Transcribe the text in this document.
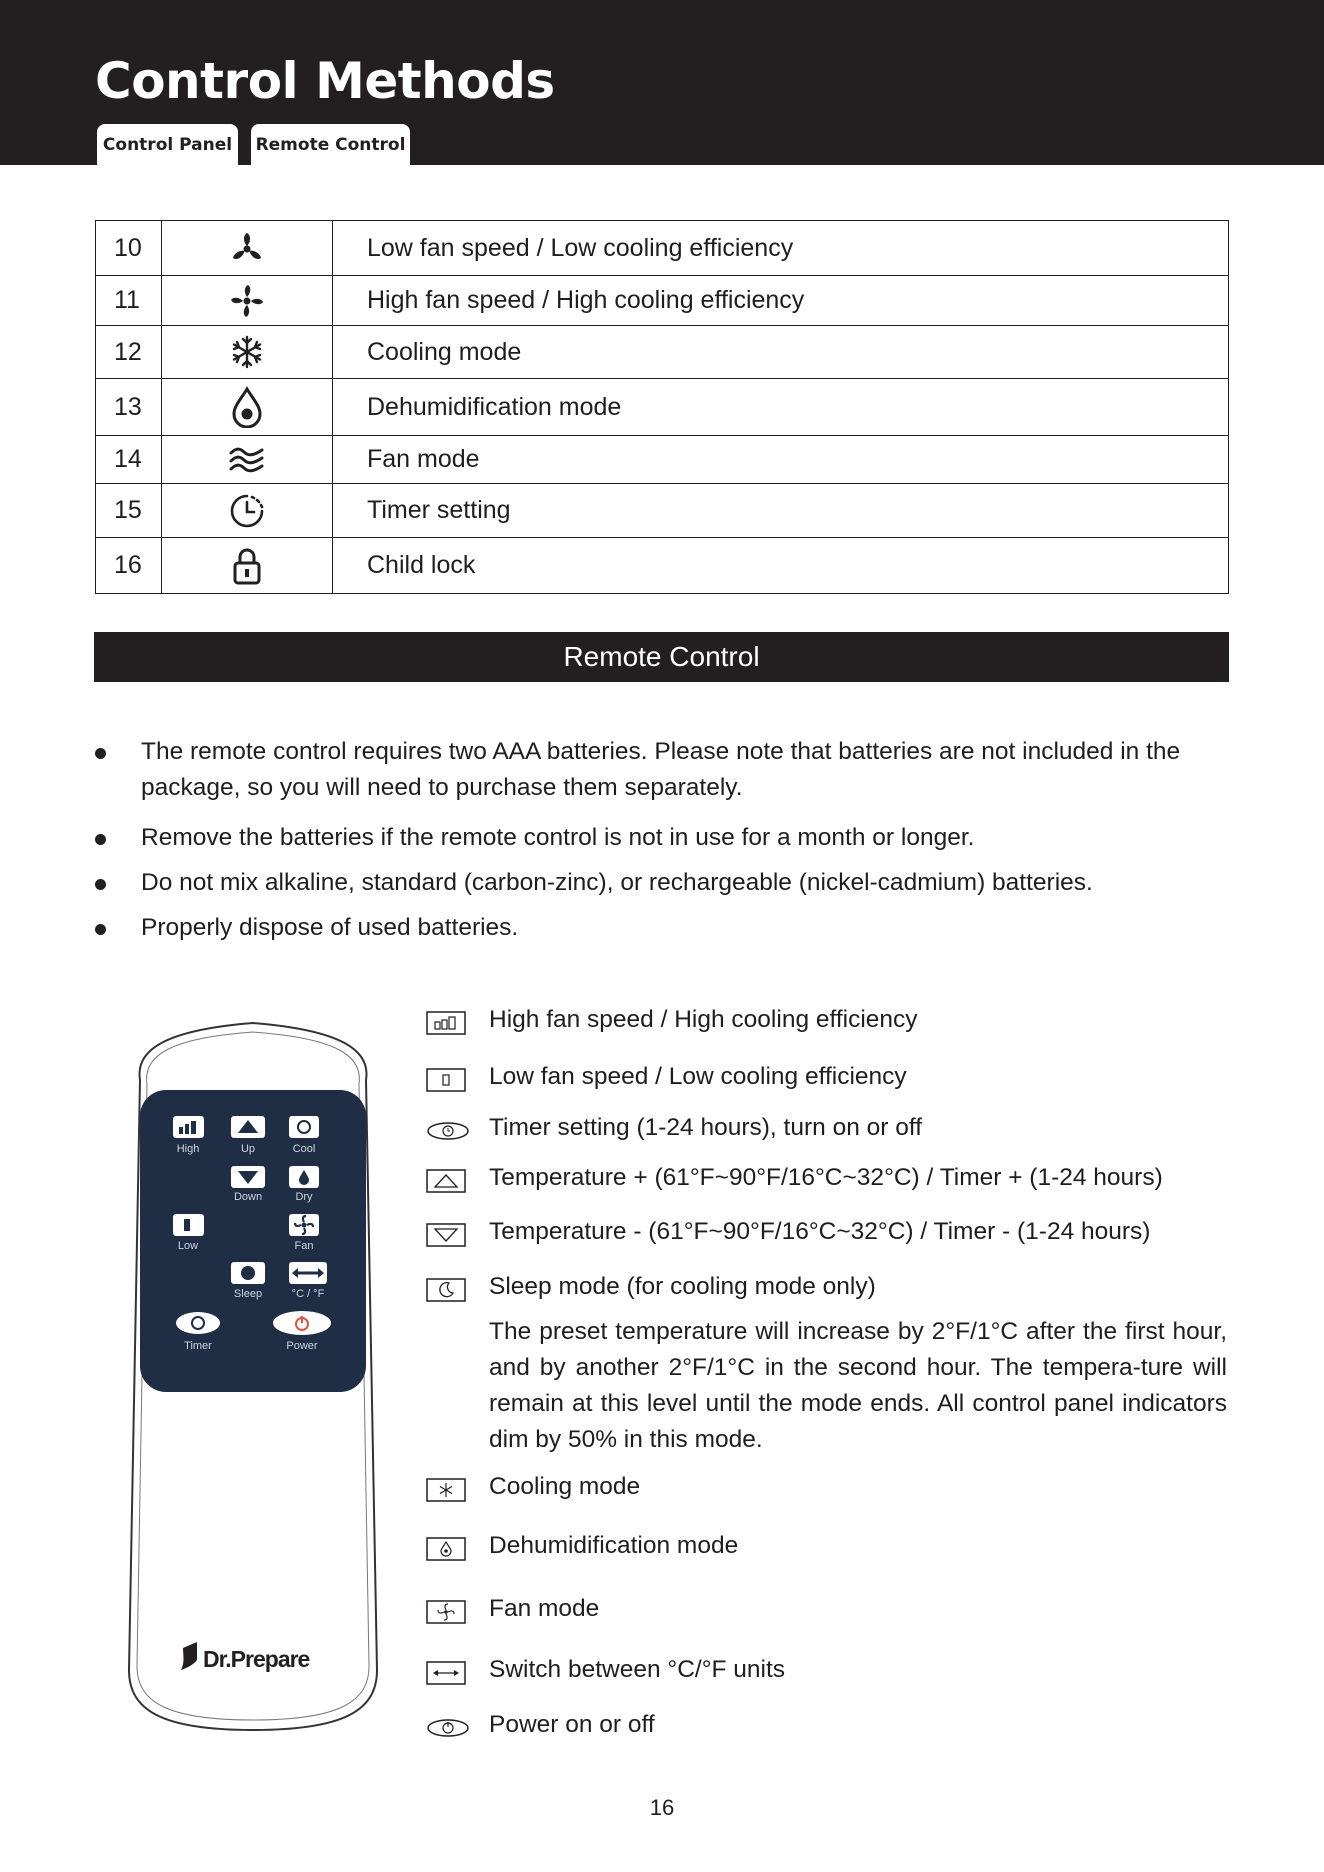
Control Methods
Control Panel	Remote Control
10		Low fan speed / Low cooling efficiency
11		High fan speed / High cooling efficiency
12		Cooling mode
13		Dehumidification mode
14		Fan mode
15		Timer setting
16		Child lock
Remote Control
The remote control requires two AAA batteries. Please note that batteries are not included in the package, so you will need to purchase them separately.
Remove the batteries if the remote control is not in use for a month or longer.
Do not mix alkaline, standard (carbon-zinc), or rechargeable (nickel-cadmium) batteries.
Properly dispose of used batteries.
High	Up	Cool
Down	Dry
Low	Fan
Sleep	°C / °F
Timer	Power
Dr.Prepare
High fan speed / High cooling efficiency
Low fan speed / Low cooling efficiency
Timer setting (1-24 hours), turn on or off
Temperature + (61°F~90°F/16°C~32°C) / Timer + (1-24 hours)
Temperature - (61°F~90°F/16°C~32°C) / Timer - (1-24 hours)
Sleep mode (for cooling mode only)

The preset temperature will increase by 2°F/1°C after the first hour, and by another 2°F/1°C in the second hour. The tempera-ture will remain at this level until the mode ends. All control panel indicators dim by 50% in this mode.

Cooling mode
Dehumidification mode
Fan mode
Switch between °C/°F units
Power on or off
16
